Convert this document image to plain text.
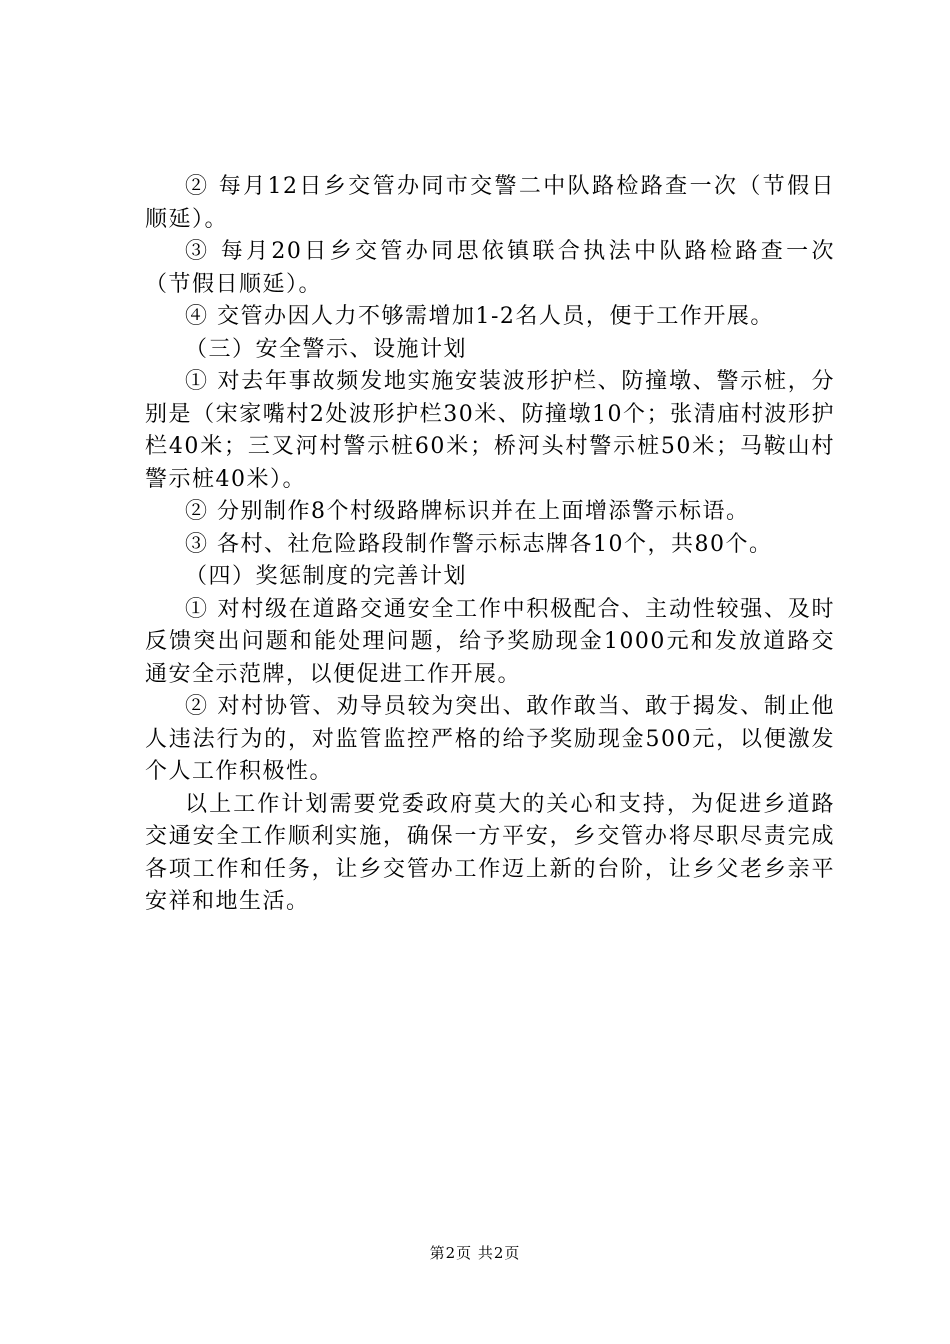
② 每月12日乡交管办同市交警二中队路检路查一次（节假日顺延）。

③ 每月20日乡交管办同思依镇联合执法中队路检路查一次（节假日顺延）。

④ 交管办因人力不够需增加1-2名人员，便于工作开展。

（三）安全警示、设施计划

① 对去年事故频发地实施安装波形护栏、防撞墩、警示桩，分别是（宋家嘴村2处波形护栏30米、防撞墩10个；张清庙村波形护栏40米；三叉河村警示桩60米；桥河头村警示桩50米；马鞍山村警示桩40米）。

② 分别制作8个村级路牌标识并在上面增添警示标语。

③ 各村、社危险路段制作警示标志牌各10个，共80个。

（四）奖惩制度的完善计划

① 对村级在道路交通安全工作中积极配合、主动性较强、及时反馈突出问题和能处理问题，给予奖励现金1000元和发放道路交通安全示范牌，以便促进工作开展。

② 对村协管、劝导员较为突出、敢作敢当、敢于揭发、制止他人违法行为的，对监管监控严格的给予奖励现金500元，以便激发个人工作积极性。

以上工作计划需要党委政府莫大的关心和支持，为促进乡道路交通安全工作顺利实施，确保一方平安，乡交管办将尽职尽责完成各项工作和任务，让乡交管办工作迈上新的台阶，让乡父老乡亲平安祥和地生活。

第2页 共2页
